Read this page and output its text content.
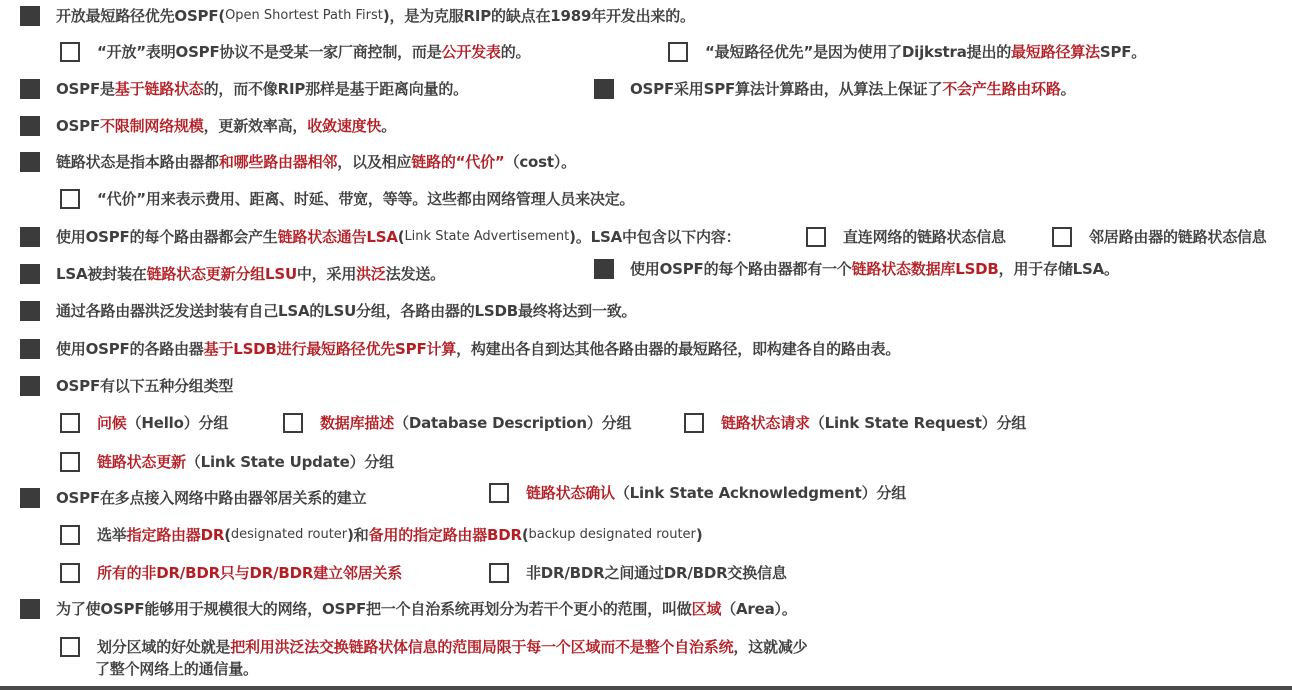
开放最短路径优先OSPF( Open Shortest Path First )，是为克服RIP的缺点在1989年开发出来的。
“开放”表明OSPF协议不是受某一家厂商控制，而是 公开发表 的。	“最短路径优先”是因为使用了Dijkstra提出的 最短路径算法 SPF。
OSPF是 基于链路状态 的，而不像RIP那样是基于距离向量的。	OSPF采用SPF算法计算路由，从算法上保证了 不会产生路由环路 。
OSPF 不限制网络规模 ，更新效率高， 收敛速度快 。
链路状态是指本路由器都 和哪些路由器相邻 ，以及相应 链路的“代价” （cost）。
“代价”用来表示费用、距离、时延、带宽，等等。这些都由网络管理人员来决定。
使用OSPF的每个路由器都会产生 链路状态通告LSA ( Link State Advertisement )。LSA中包含以下内容：	直连网络的链路状态信息	邻居路由器的链路状态信息
LSA被封装在 链路状态更新分组LSU 中，采用 洪泛 法发送。	使用OSPF的每个路由器都有一个 链路状态数据库LSDB ，用于存储LSA。
通过各路由器洪泛发送封装有自己LSA的LSU分组，各路由器的LSDB最终将达到一致。
使用OSPF的各路由器 基于LSDB进行最短路径优先SPF计算 ，构建出各自到达其他各路由器的最短路径，即构建各自的路由表。
OSPF有以下五种分组类型
问候 （Hello）分组	数据库描述 （Database Description）分组	链路状态请求 （Link State Request）分组
链路状态更新 （Link State Update）分组
OSPF在多点接入网络中路由器邻居关系的建立	链路状态确认 （Link State Acknowledgment）分组
选举 指定路由器DR ( designated router )和 备用的指定路由器BDR ( backup designated router )
所有的非DR/BDR只与DR/BDR建立邻居关系	非DR/BDR之间通过DR/BDR交换信息
为了使OSPF能够用于规模很大的网络，OSPF把一个自治系统再划分为若干个更小的范围，叫做 区域 （Area）。
划分区域的好处就是 把利用洪泛法交换链路状体信息的范围局限于每一个区域而不是整个自治系统 ，这就减少
了整个网络上的通信量。
